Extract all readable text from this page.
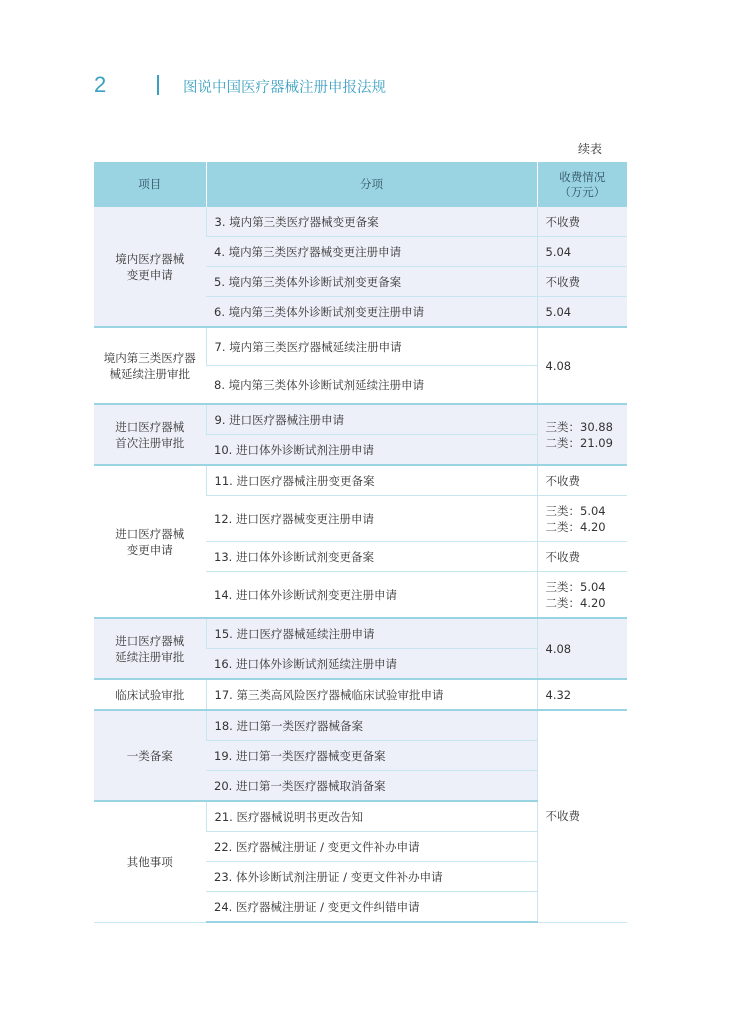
2	图说中国医疗器械注册申报法规
续表
项目	分项	收费情况
（万元）

境内医疗器械
变更申请	3. 境内第三类医疗器械变更备案	不收费
	4. 境内第三类医疗器械变更注册申请	5.04
	5. 境内第三类体外诊断试剂变更备案	不收费
	6. 境内第三类体外诊断试剂变更注册申请	5.04

境内第三类医疗器
械延续注册审批	7. 境内第三类医疗器械延续注册申请	4.08
	8. 境内第三类体外诊断试剂延续注册申请	

进口医疗器械
首次注册审批	9. 进口医疗器械注册申请	三类：30.88
二类：21.09

	10. 进口体外诊断试剂注册申请	

进口医疗器械
变更申请	11. 进口医疗器械注册变更备案	不收费
	12. 进口医疗器械变更注册申请	三类：5.04
二类：4.20

	13. 进口体外诊断试剂变更备案	不收费
	14. 进口体外诊断试剂变更注册申请	三类：5.04
二类：4.20

进口医疗器械
延续注册审批	15. 进口医疗器械延续注册申请	4.08
	16. 进口体外诊断试剂延续注册申请	
临床试验审批	17. 第三类高风险医疗器械临床试验审批申请	4.32
一类备案	18. 进口第一类医疗器械备案	不收费
	19. 进口第一类医疗器械变更备案	
	20. 进口第一类医疗器械取消备案	
其他事项	21. 医疗器械说明书更改告知	
	22. 医疗器械注册证 / 变更文件补办申请	
	23. 体外诊断试剂注册证 / 变更文件补办申请	
	24. 医疗器械注册证 / 变更文件纠错申请	
